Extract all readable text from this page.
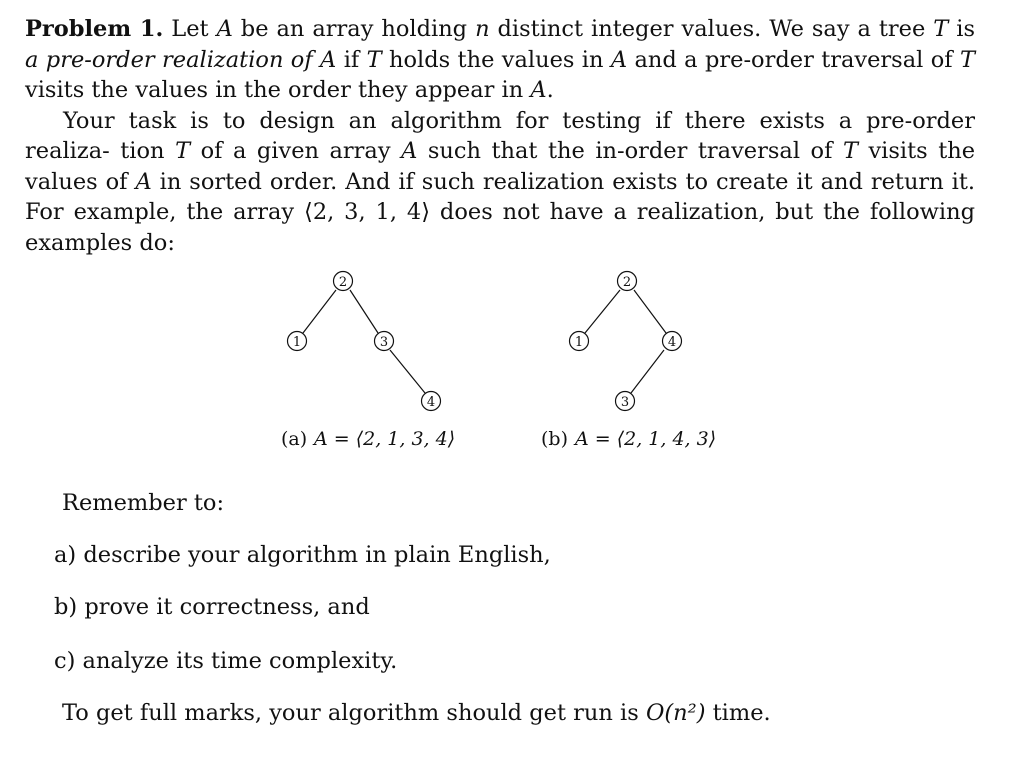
Problem 1. Let A be an array holding n distinct integer values. We say a tree T is a pre-order realization of A if T holds the values in A and a pre-order traversal of T visits the values in the order they appear in A.

Your task is to design an algorithm for testing if there exists a pre-order realiza- tion T of a given array A such that the in-order traversal of T visits the values of A in sorted order. And if such realization exists to create it and return it. For example, the array ⟨2, 3, 1, 4⟩ does not have a realization, but the following examples do:

2
1	3
4
(a) A = ⟨2, 1, 3, 4⟩
2
1	4
3
(b) A = ⟨2, 1, 4, 3⟩
Remember to:
a) describe your algorithm in plain English,
b) prove it correctness, and
c) analyze its time complexity.
To get full marks, your algorithm should get run is O(n²) time.
